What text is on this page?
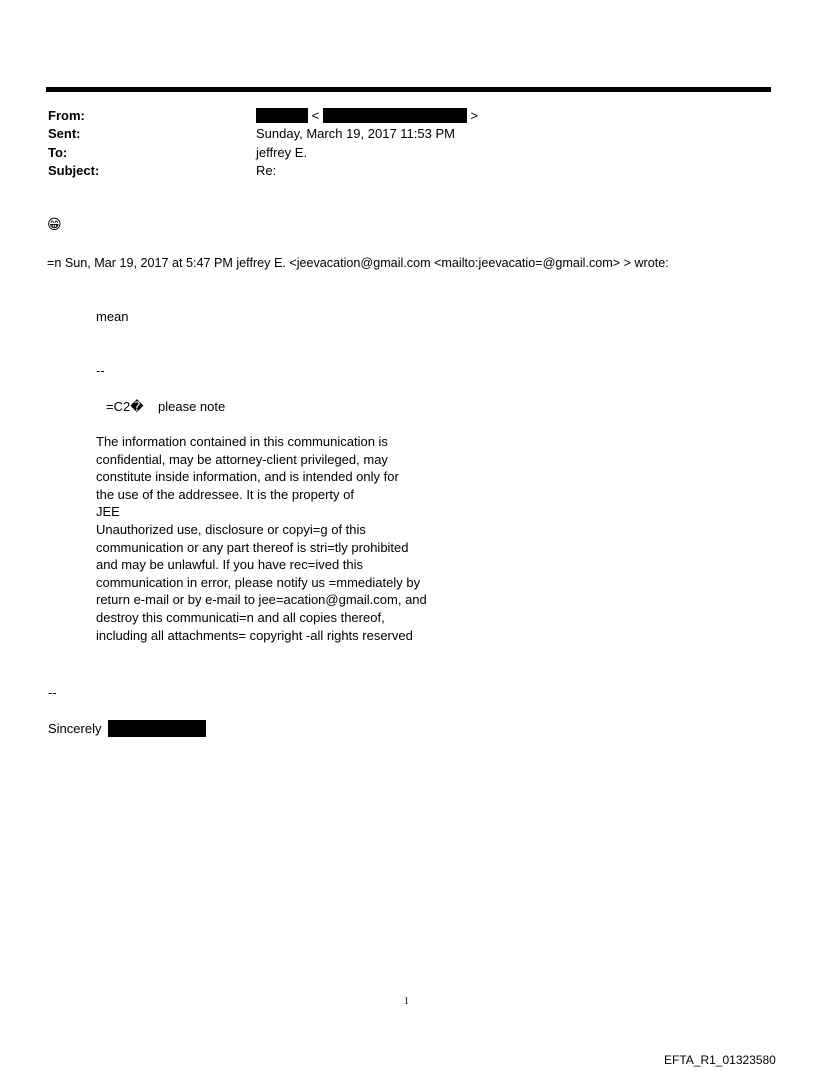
From:	<	>
Sent:	Sunday, March 19, 2017 11:53 PM
To:	jeffrey E.
Subject:	Re:
😁
=n Sun, Mar 19, 2017 at 5:47 PM jeffrey E. <jeevacation@gmail.com <mailto:jeevacatio=@gmail.com> > wrote:
mean
--
=C2�    please note
The information contained in this communication is
confidential, may be attorney-client privileged, may
constitute inside information, and is intended only for
the use of the addressee. It is the property of
JEE
Unauthorized use, disclosure or copyi=g of this
communication or any part thereof is stri=tly prohibited
and may be unlawful. If you have rec=ived this
communication in error, please notify us =mmediately by
return e-mail or by e-mail to jee=acation@gmail.com, and
destroy this communicati=n and all copies thereof,
including all attachments= copyright -all rights reserved
--
Sincerely
1
EFTA_R1_01323580
